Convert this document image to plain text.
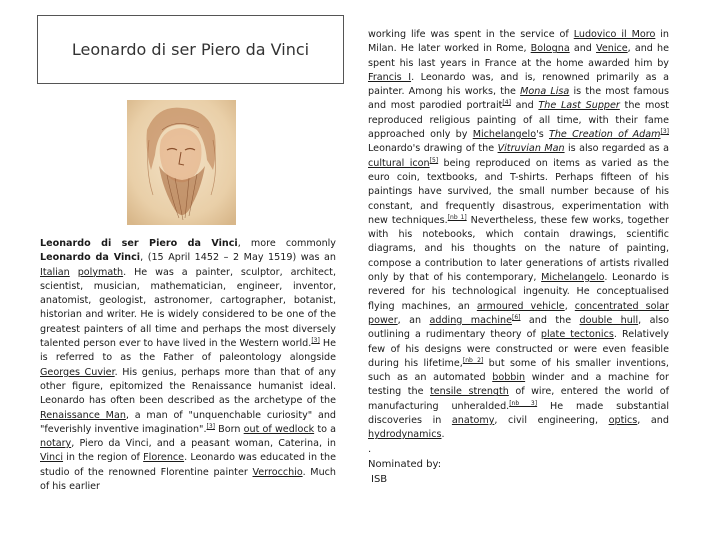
Leonardo di ser Piero da Vinci
Leonardo di ser Piero da Vinci, more commonly Leonardo da Vinci, (15 April 1452 – 2 May 1519) was an Italian polymath. He was a painter, sculptor, architect, scientist, musician, mathematician, engineer, inventor, anatomist, geologist, astronomer, cartographer, botanist, historian and writer. He is widely considered to be one of the greatest painters of all time and perhaps the most diversely talented person ever to have lived in the Western world.[3] He is referred to as the Father of paleontology alongside Georges Cuvier. His genius, perhaps more than that of any other figure, epitomized the Renaissance humanist ideal. Leonardo has often been described as the archetype of the Renaissance Man, a man of "unquenchable curiosity" and "feverishly inventive imagination".[3] Born out of wedlock to a notary, Piero da Vinci, and a peasant woman, Caterina, in Vinci in the region of Florence. Leonardo was educated in the studio of the renowned Florentine painter Verrocchio. Much of his earlier
working life was spent in the service of Ludovico il Moro in Milan. He later worked in Rome, Bologna and Venice, and he spent his last years in France at the home awarded him by Francis I. Leonardo was, and is, renowned primarily as a painter. Among his works, the Mona Lisa is the most famous and most parodied portrait[4] and The Last Supper the most reproduced religious painting of all time, with their fame approached only by Michelangelo's The Creation of Adam[3] Leonardo's drawing of the Vitruvian Man is also regarded as a cultural icon[5] being reproduced on items as varied as the euro coin, textbooks, and T-shirts. Perhaps fifteen of his paintings have survived, the small number because of his constant, and frequently disastrous, experimentation with new techniques.[nb 1] Nevertheless, these few works, together with his notebooks, which contain drawings, scientific diagrams, and his thoughts on the nature of painting, compose a contribution to later generations of artists rivalled only by that of his contemporary, Michelangelo. Leonardo is revered for his technological ingenuity. He conceptualised flying machines, an armoured vehicle, concentrated solar power, an adding machine[6] and the double hull, also outlining a rudimentary theory of plate tectonics. Relatively few of his designs were constructed or were even feasible during his lifetime,[nb 2] but some of his smaller inventions, such as an automated bobbin winder and a machine for testing the tensile strength of wire, entered the world of manufacturing unheralded.[nb 3] He made substantial discoveries in anatomy, civil engineering, optics, and hydrodynamics.
.
Nominated by:
ISB
